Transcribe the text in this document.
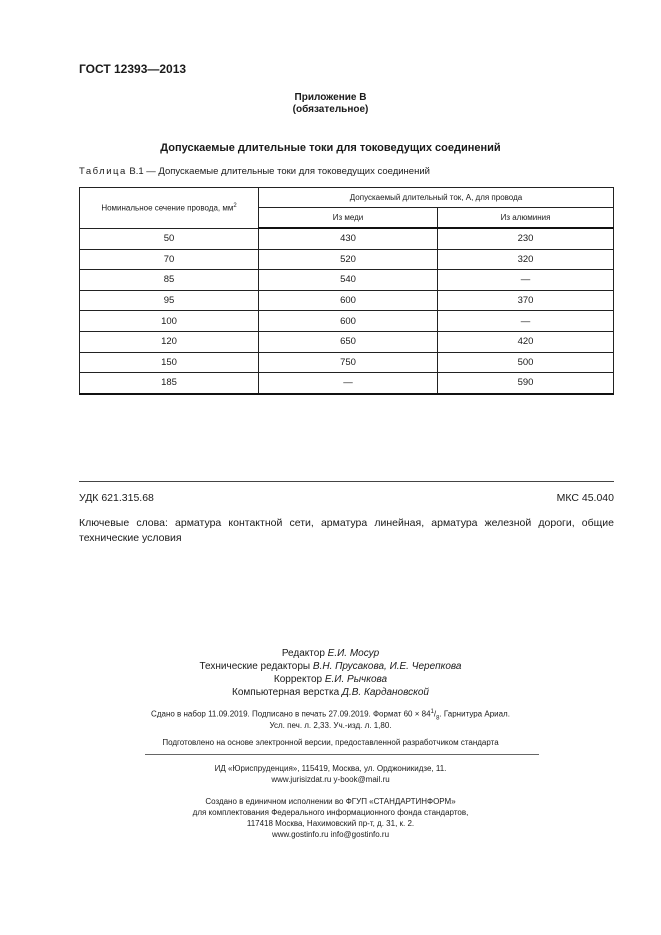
ГОСТ 12393—2013
Приложение В
(обязательное)
Допускаемые длительные токи для токоведущих соединений
Таблица В.1 — Допускаемые длительные токи для токоведущих соединений
Номинальное сечение провода, $мм^2$	Допускаемый длительный ток, А, для провода	
	Из меди	Из алюминия
50	430	230
70	520	320
85	540	—
95	600	370
100	600	—
120	650	420
150	750	500
185	—	590
УДК 621.315.68	МКС 45.040
Ключевые слова: арматура контактной сети, арматура линейная, арматура железной дороги, общие технические условия
Редактор Е.И. Мосур
Технические редакторы В.Н. Прусакова, И.Е. Черепкова
Корректор Е.И. Рычкова
Компьютерная верстка Д.В. Кардановской
Сдано в набор 11.09.2019. Подписано в печать 27.09.2019. Формат $60 \times 84^1/_8$. Гарнитура Ариал.
Усл. печ. л. 2,33. Уч.-изд. л. 1,80.
Подготовлено на основе электронной версии, предоставленной разработчиком стандарта
ИД «Юриспруденция», 115419, Москва, ул. Орджоникидзе, 11.
www.jurisizdat.ru y-book@mail.ru
Создано в единичном исполнении во ФГУП «СТАНДАРТИНФОРМ»
для комплектования Федерального информационного фонда стандартов,
117418 Москва, Нахимовский пр-т, д. 31, к. 2.
www.gostinfo.ru info@gostinfo.ru
